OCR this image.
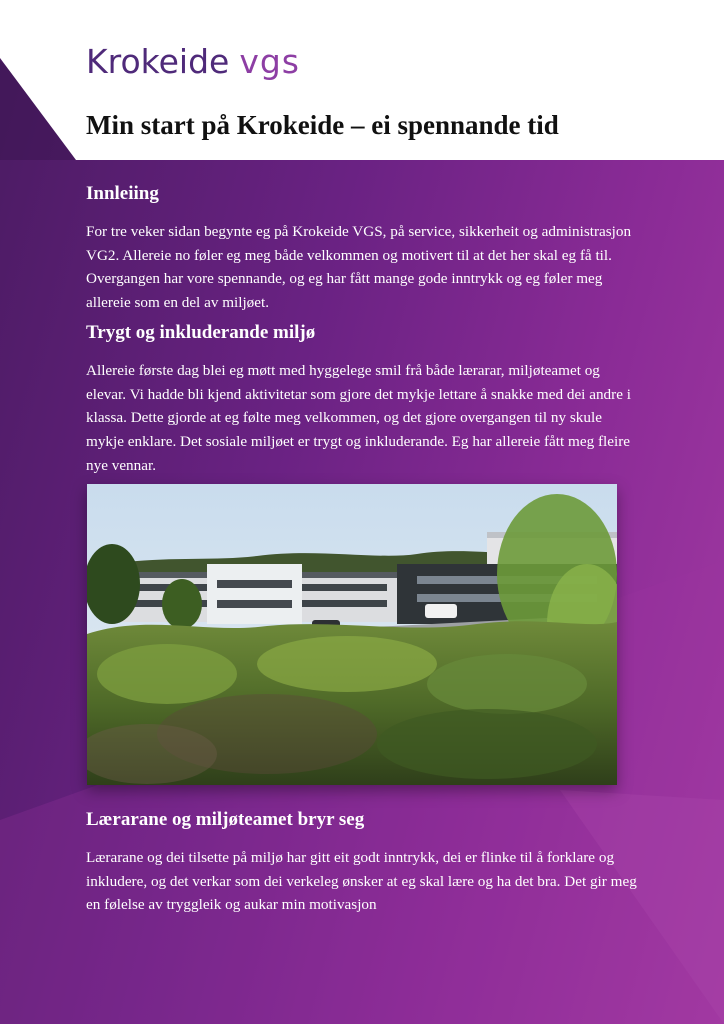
Krokeide vgs
Min start på Krokeide – ei spennande tid
Innleiing

For tre veker sidan begynte eg på Krokeide VGS, på service, sikkerheit og administrasjon VG2. Allereie no føler eg meg både velkommen og motivert til at det her skal eg få til. Overgangen har vore spennande, og eg har fått mange gode inntrykk og eg føler meg allereie som en del av miljøet.

Trygt og inkluderande miljø

Allereie første dag blei eg møtt med hyggelege smil frå både lærarar, miljøteamet og elevar. Vi hadde bli kjend aktivitetar som gjore det mykje lettare å snakke med dei andre i klassa. Dette gjorde at eg følte meg velkommen, og det gjore overgangen til ny skule mykje enklare. Det sosiale miljøet er trygt og inkluderande. Eg har allereie fått meg fleire nye vennar.

Lærarane og miljøteamet bryr seg

Lærarane og dei tilsette på miljø har gitt eit godt inntrykk, dei er flinke til å forklare og inkludere, og det verkar som dei verkeleg ønsker at eg skal lære og ha det bra. Det gir meg en følelse av tryggleik og aukar min motivasjon
